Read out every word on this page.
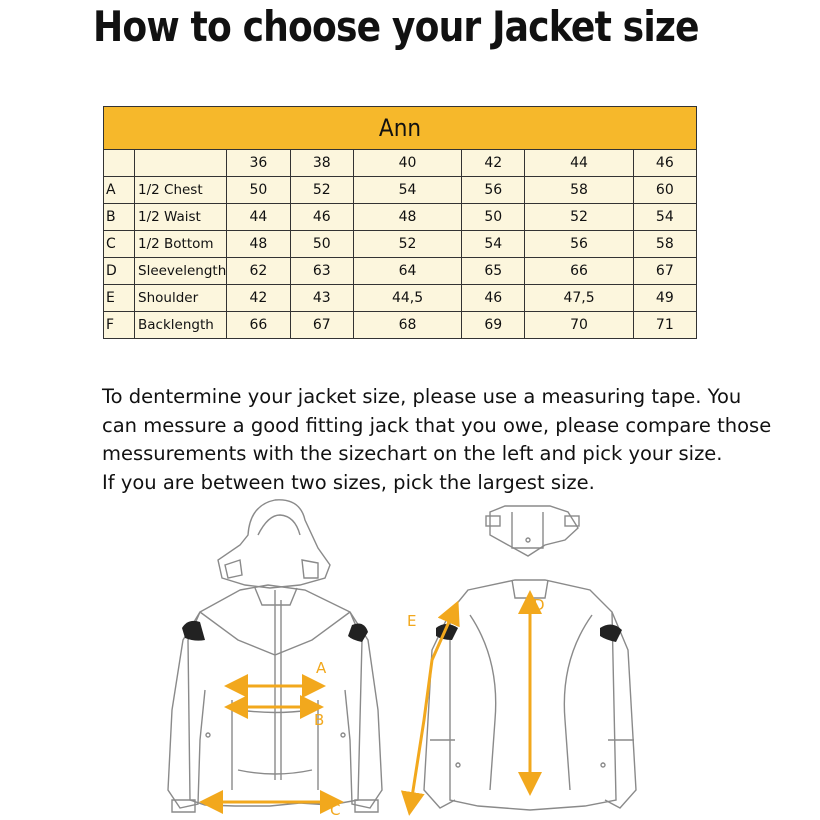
How to choose your Jacket size
Ann							
		36	38	40	42	44	46
A	1/2 Chest	50	52	54	56	58	60
B	1/2 Waist	44	46	48	50	52	54
C	1/2 Bottom	48	50	52	54	56	58
D	Sleevelength	62	63	64	65	66	67
E	Shoulder	42	43	44,5	46	47,5	49
F	Backlength	66	67	68	69	70	71

To dentermine your jacket size, please use a measuring tape. You

can messure a good fitting jack that you owe, please compare those

messurements with the sizechart on the left and pick your size.

If you are between two sizes, pick the largest size.

A
B
C
D
E
